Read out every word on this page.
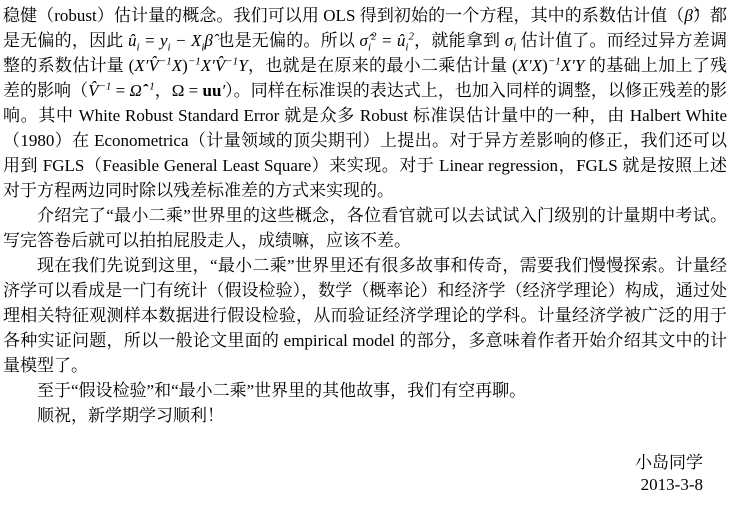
稳健（robust）估计量的概念。我们可以用 OLS 得到初始的一个方程，其中的系数估计值（β̂）都是无偏的，因此 $û_i = y_i$ − $X_i\betâ$ 也是无偏的。所以 $\sigmâ_i^2$ = $û_i^2$，就能拿到 $\sigma_i$ 估计值了。而经过异方差调整的系数估计量 (X′V̂$^{-1}$X)$^{-1}$X′V̂$^{-1}$Y，也就是在原来的最小二乘估计量 $(X'X)^{-1}X'Y$ 的基础上加上了残差的影响（V̂$^{-1}$ = Ω̂$^{-1}$，Ω = uu′）。同样在标准误的表达式上，也加入同样的调整，以修正残差的影响。其中 White Robust Standard Error 就是众多 Robust 标准误估计量中的一种，由 Halbert White（1980）在 Econometrica（计量领域的顶尖期刊）上提出。对于异方差影响的修正，我们还可以用到 FGLS（Feasible General Least Square）来实现。对于 Linear regression，FGLS 就是按照上述对于方程两边同时除以残差标准差的方式来实现的。

介绍完了“最小二乘”世界里的这些概念，各位看官就可以去试试入门级别的计量期中考试。写完答卷后就可以拍拍屁股走人，成绩嘛，应该不差。

现在我们先说到这里，“最小二乘”世界里还有很多故事和传奇，需要我们慢慢探索。计量经济学可以看成是一门有统计（假设检验），数学（概率论）和经济学（经济学理论）构成，通过处理相关特征观测样本数据进行假设检验，从而验证经济学理论的学科。计量经济学被广泛的用于各种实证问题，所以一般论文里面的 empirical model 的部分，多意味着作者开始介绍其文中的计量模型了。

至于“假设检验”和“最小二乘”世界里的其他故事，我们有空再聊。

顺祝，新学期学习顺利！

小岛同学
2013-3-8
